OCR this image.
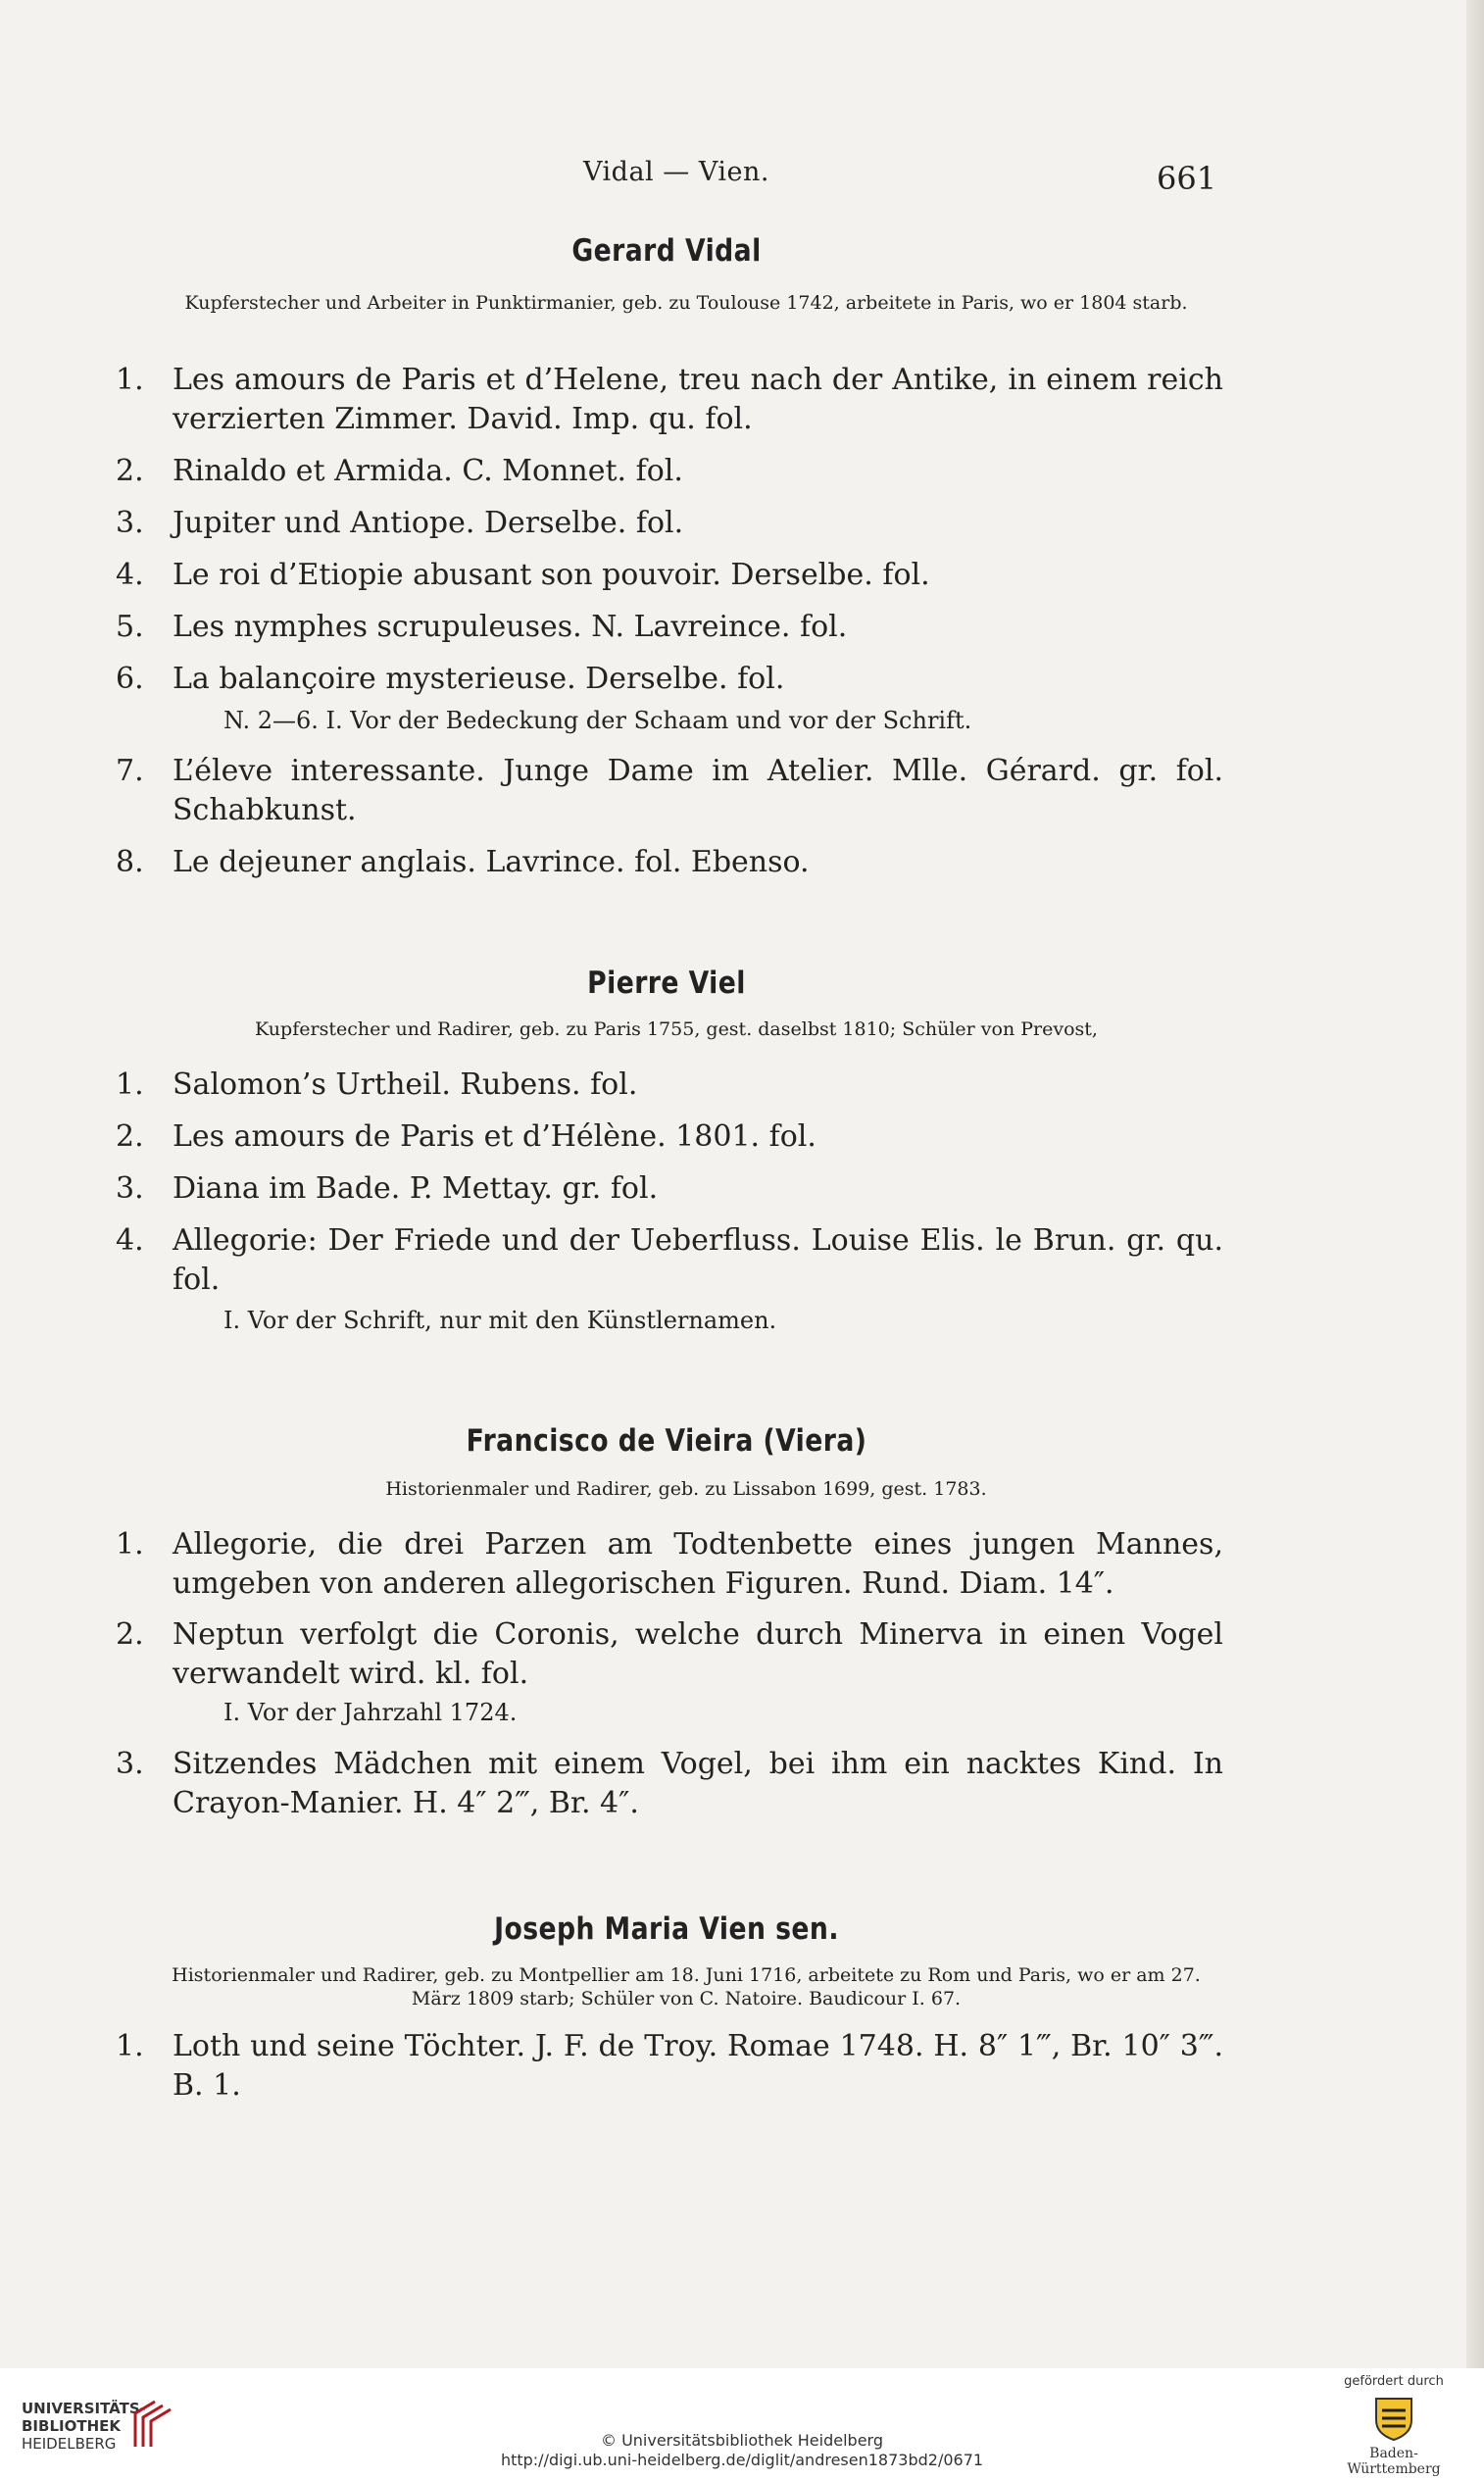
Vidal — Vien.	661
Gerard Vidal
Kupferstecher und Arbeiter in Punktirmanier, geb. zu Toulouse 1742, arbeitete in Paris, wo er 1804 starb.
1. Les amours de Paris et d’Helene, treu nach der Antike, in einem reich verzierten Zimmer. David. Imp. qu. fol.
2. Rinaldo et Armida. C. Monnet. fol.
3. Jupiter und Antiope. Derselbe. fol.
4. Le roi d’Etiopie abusant son pouvoir. Derselbe. fol.
5. Les nymphes scrupuleuses. N. Lavreince. fol.
6. La balançoire mysterieuse. Derselbe. fol.
N. 2—6. I. Vor der Bedeckung der Schaam und vor der Schrift.
7. L’éleve interessante. Junge Dame im Atelier. Mlle. Gérard. gr. fol. Schabkunst.
8. Le dejeuner anglais. Lavrince. fol. Ebenso.
Pierre Viel
Kupferstecher und Radirer, geb. zu Paris 1755, gest. daselbst 1810; Schüler von Prevost,
1. Salomon’s Urtheil. Rubens. fol.
2. Les amours de Paris et d’Hélène. 1801. fol.
3. Diana im Bade. P. Mettay. gr. fol.
4. Allegorie: Der Friede und der Ueberfluss. Louise Elis. le Brun. gr. qu. fol.
I. Vor der Schrift, nur mit den Künstlernamen.
Francisco de Vieira (Viera)
Historienmaler und Radirer, geb. zu Lissabon 1699, gest. 1783.
1. Allegorie, die drei Parzen am Todtenbette eines jungen Mannes, umgeben von anderen allegorischen Figuren. Rund. Diam. 14″.
2. Neptun verfolgt die Coronis, welche durch Minerva in einen Vogel verwandelt wird. kl. fol.
I. Vor der Jahrzahl 1724.
3. Sitzendes Mädchen mit einem Vogel, bei ihm ein nacktes Kind. In Crayon-Manier. H. 4″ 2‴, Br. 4″.
Joseph Maria Vien sen.
Historienmaler und Radirer, geb. zu Montpellier am 18. Juni 1716, arbeitete zu Rom und Paris, wo er am 27. März 1809 starb; Schüler von C. Natoire. Baudicour I. 67.
1. Loth und seine Töchter. J. F. de Troy. Romae 1748. H. 8″ 1‴, Br. 10″ 3‴. B. 1.
UNIVERSITÄTS-
BIBLIOTHEK
HEIDELBERG	© Universitätsbibliothek Heidelberg
http://digi.ub.uni-heidelberg.de/diglit/andresen1873bd2/0671
gefördert durch
Baden-Württemberg
